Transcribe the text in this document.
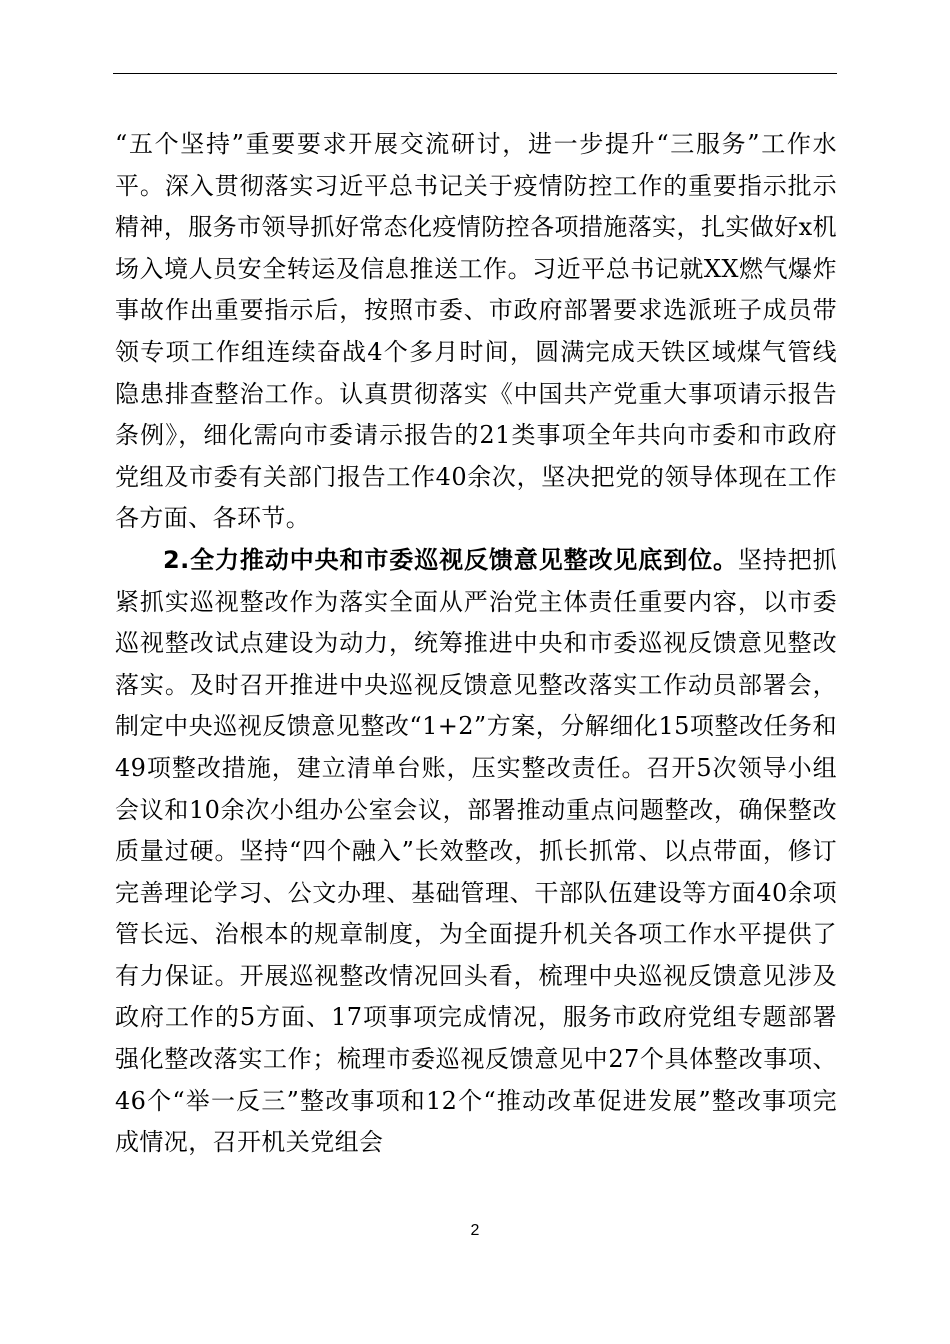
“五个坚持”重要要求开展交流研讨，进一步提升“三服务”工作水平。深入贯彻落实习近平总书记关于疫情防控工作的重要指示批示精神，服务市领导抓好常态化疫情防控各项措施落实，扎实做好x机场入境人员安全转运及信息推送工作。习近平总书记就XX燃气爆炸事故作出重要指示后，按照市委、市政府部署要求选派班子成员带领专项工作组连续奋战4个多月时间，圆满完成天铁区域煤气管线隐患排查整治工作。认真贯彻落实《中国共产党重大事项请示报告条例》，细化需向市委请示报告的21类事项全年共向市委和市政府党组及市委有关部门报告工作40余次，坚决把党的领导体现在工作各方面、各环节。

2.全力推动中央和市委巡视反馈意见整改见底到位。坚持把抓紧抓实巡视整改作为落实全面从严治党主体责任重要内容，以市委巡视整改试点建设为动力，统筹推进中央和市委巡视反馈意见整改落实。及时召开推进中央巡视反馈意见整改落实工作动员部署会，制定中央巡视反馈意见整改“1+2”方案，分解细化15项整改任务和49项整改措施，建立清单台账，压实整改责任。召开5次领导小组会议和10余次小组办公室会议，部署推动重点问题整改，确保整改质量过硬。坚持“四个融入”长效整改，抓长抓常、以点带面，修订完善理论学习、公文办理、基础管理、干部队伍建设等方面40余项管长远、治根本的规章制度，为全面提升机关各项工作水平提供了有力保证。开展巡视整改情况回头看，梳理中央巡视反馈意见涉及政府工作的5方面、17项事项完成情况，服务市政府党组专题部署强化整改落实工作；梳理市委巡视反馈意见中27个具体整改事项、46个“举一反三”整改事项和12个“推动改革促进发展”整改事项完成情况，召开机关党组会

2
